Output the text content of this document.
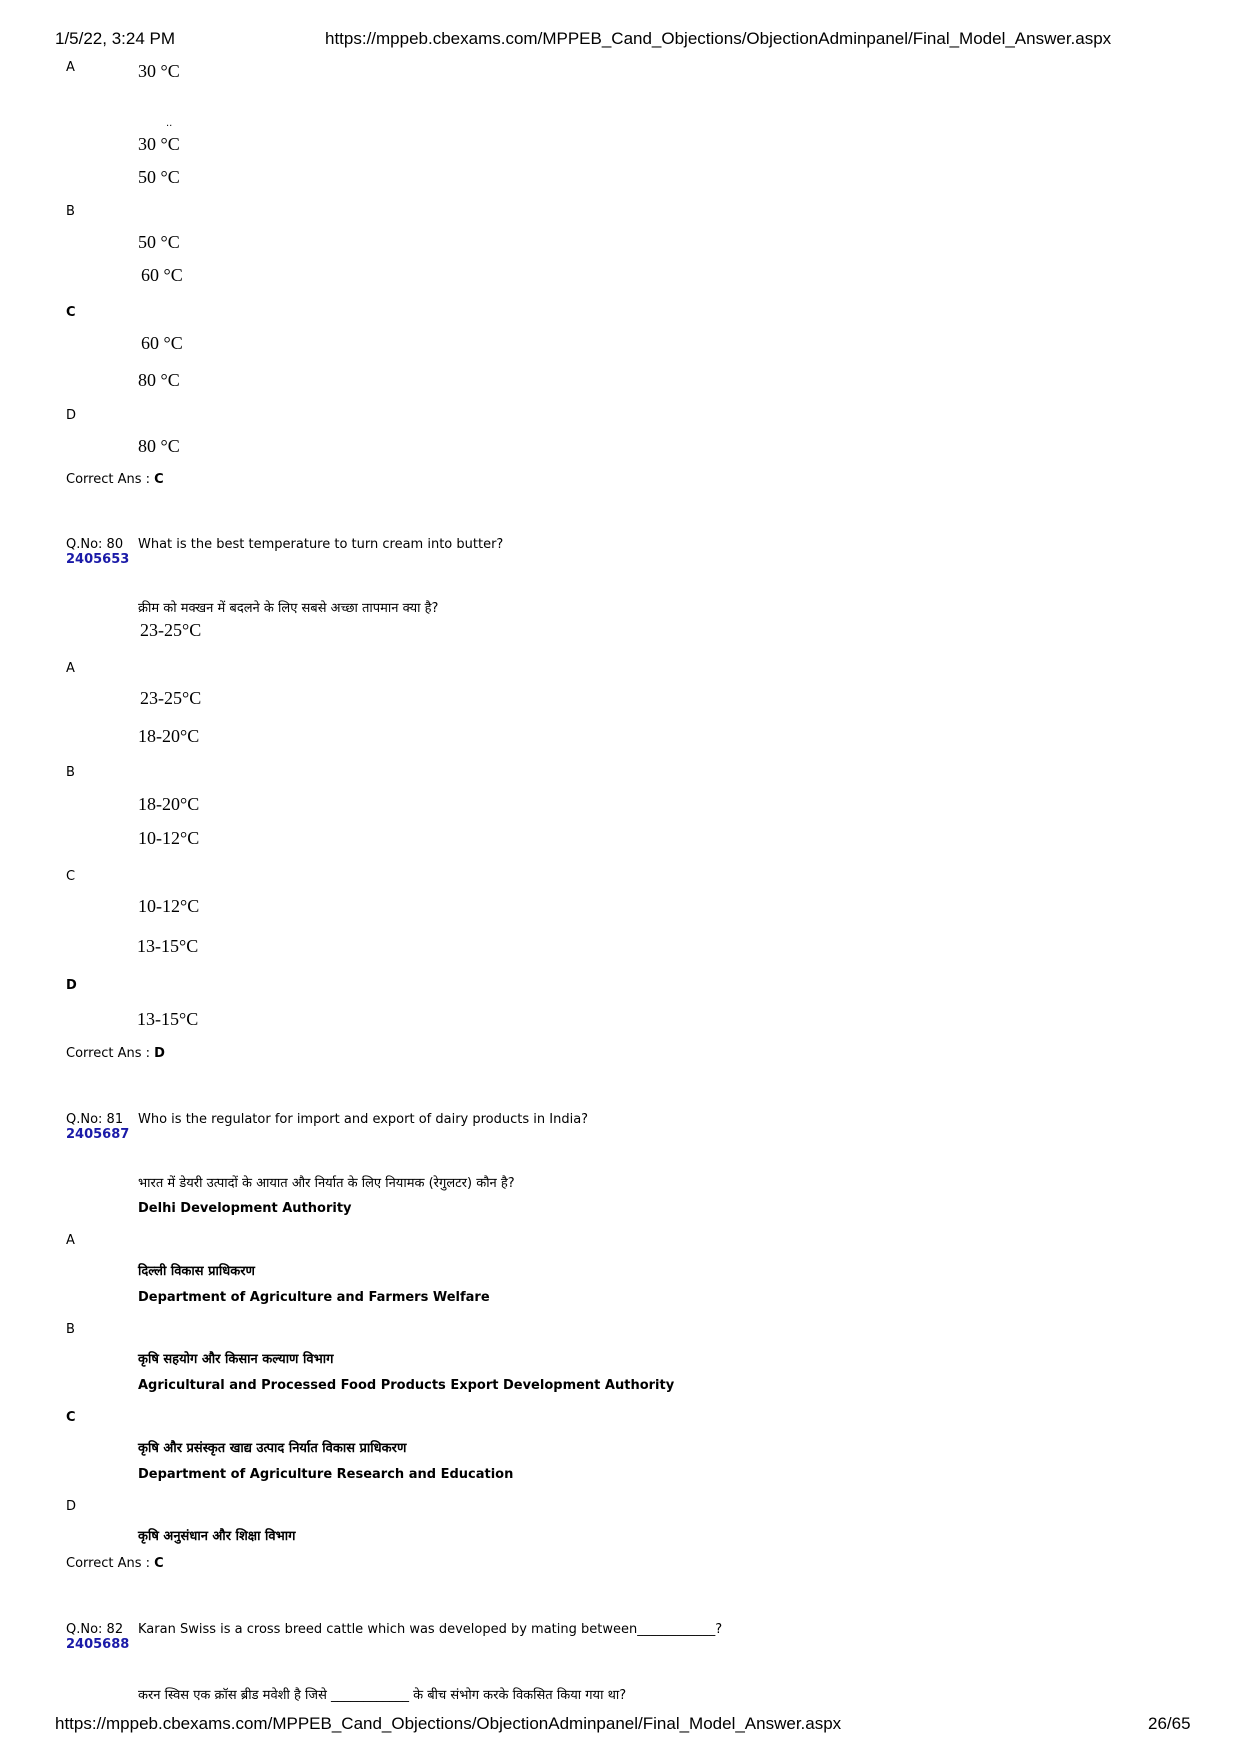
1/5/22, 3:24 PM	https://mppeb.cbexams.com/MPPEB_Cand_Objections/ObjectionAdminpanel/Final_Model_Answer.aspx
A	30 °C
..
30 °C
50 °C
B
50 °C
60 °C
C
60 °C
80 °C
D
80 °C
Correct Ans : C
Q.No: 80
2405653
What is the best temperature to turn cream into butter?
क्रीम को मक्खन में बदलने के लिए सबसे अच्छा तापमान क्या है?
23-25°C
A
23-25°C
18-20°C
B
18-20°C
10-12°C
C
10-12°C
13-15°C
D
13-15°C
Correct Ans : D
Q.No: 81
2405687
Who is the regulator for import and export of dairy products in India?
भारत में डेयरी उत्पादों के आयात और निर्यात के लिए नियामक (रेगुलटर) कौन है?
Delhi Development Authority
A
दिल्ली विकास प्राधिकरण
Department of Agriculture and Farmers Welfare
B
कृषि सहयोग और किसान कल्याण विभाग
Agricultural and Processed Food Products Export Development Authority
C
कृषि और प्रसंस्कृत खाद्य उत्पाद निर्यात विकास प्राधिकरण
Department of Agriculture Research and Education
D
कृषि अनुसंधान और शिक्षा विभाग
Correct Ans : C
Q.No: 82
2405688
Karan Swiss is a cross breed cattle which was developed by mating between____________?
करन स्विस एक क्रॉस ब्रीड मवेशी है जिसे ____________ के बीच संभोग करके विकसित किया गया था?
https://mppeb.cbexams.com/MPPEB_Cand_Objections/ObjectionAdminpanel/Final_Model_Answer.aspx	26/65
